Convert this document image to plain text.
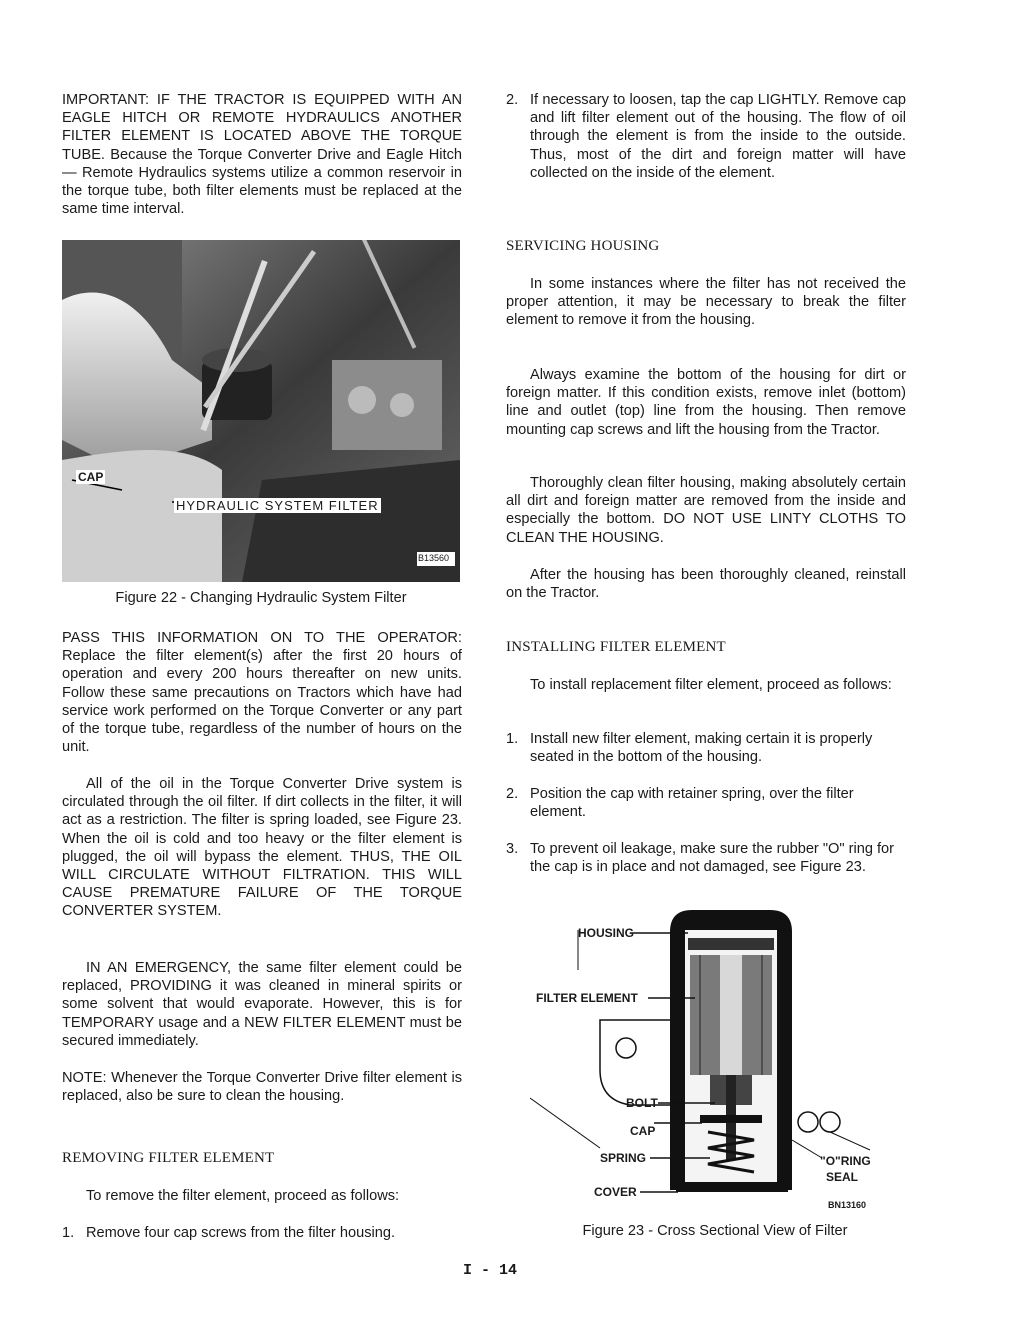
IMPORTANT: IF THE TRACTOR IS EQUIPPED WITH AN EAGLE HITCH OR REMOTE HYDRAULICS ANOTHER FILTER ELEMENT IS LOCATED ABOVE THE TORQUE TUBE. Because the Torque Converter Drive and Eagle Hitch — Remote Hydraulics systems utilize a common reservoir in the torque tube, both filter elements must be replaced at the same time interval.

CAP
HYDRAULIC SYSTEM FILTER
B13560
Figure 22 - Changing Hydraulic System Filter

PASS THIS INFORMATION ON TO THE OPERATOR: Replace the filter element(s) after the first 20 hours of operation and every 200 hours thereafter on new units. Follow these same precautions on Tractors which have had service work performed on the Torque Converter or any part of the torque tube, regardless of the number of hours on the unit.

All of the oil in the Torque Converter Drive system is circulated through the oil filter. If dirt collects in the filter, it will act as a restriction. The filter is spring loaded, see Figure 23. When the oil is cold and too heavy or the filter element is plugged, the oil will bypass the element. THUS, THE OIL WILL CIRCULATE WITHOUT FILTRATION. THIS WILL CAUSE PREMATURE FAILURE OF THE TORQUE CONVERTER SYSTEM.

IN AN EMERGENCY, the same filter element could be replaced, PROVIDING it was cleaned in mineral spirits or some solvent that would evaporate. However, this is for TEMPORARY usage and a NEW FILTER ELEMENT must be secured immediately.

NOTE: Whenever the Torque Converter Drive filter element is replaced, also be sure to clean the housing.

REMOVING FILTER ELEMENT

To remove the filter element, proceed as follows:

1. Remove four cap screws from the filter housing.
2. If necessary to loosen, tap the cap LIGHTLY. Remove cap and lift filter element out of the housing. The flow of oil through the element is from the inside to the outside. Thus, most of the dirt and foreign matter will have collected on the inside of the element.
SERVICING HOUSING

In some instances where the filter has not received the proper attention, it may be necessary to break the filter element to remove it from the housing.

Always examine the bottom of the housing for dirt or foreign matter. If this condition exists, remove inlet (bottom) line and outlet (top) line from the housing. Then remove mounting cap screws and lift the housing from the Tractor.

Thoroughly clean filter housing, making absolutely certain all dirt and foreign matter are removed from the inside and especially the bottom. DO NOT USE LINTY CLOTHS TO CLEAN THE HOUSING.

After the housing has been thoroughly cleaned, reinstall on the Tractor.

INSTALLING FILTER ELEMENT

To install replacement filter element, proceed as follows:

1. Install new filter element, making certain it is properly seated in the bottom of the housing.
2. Position the cap with retainer spring, over the filter element.
3. To prevent oil leakage, make sure the rubber "O" ring for the cap is in place and not damaged, see Figure 23.
HOUSING
FILTER ELEMENT
BOLT
CAP
SPRING
COVER
"O"RING
SEAL
BN13160
Figure 23 - Cross Sectional View of Filter
I - 14
